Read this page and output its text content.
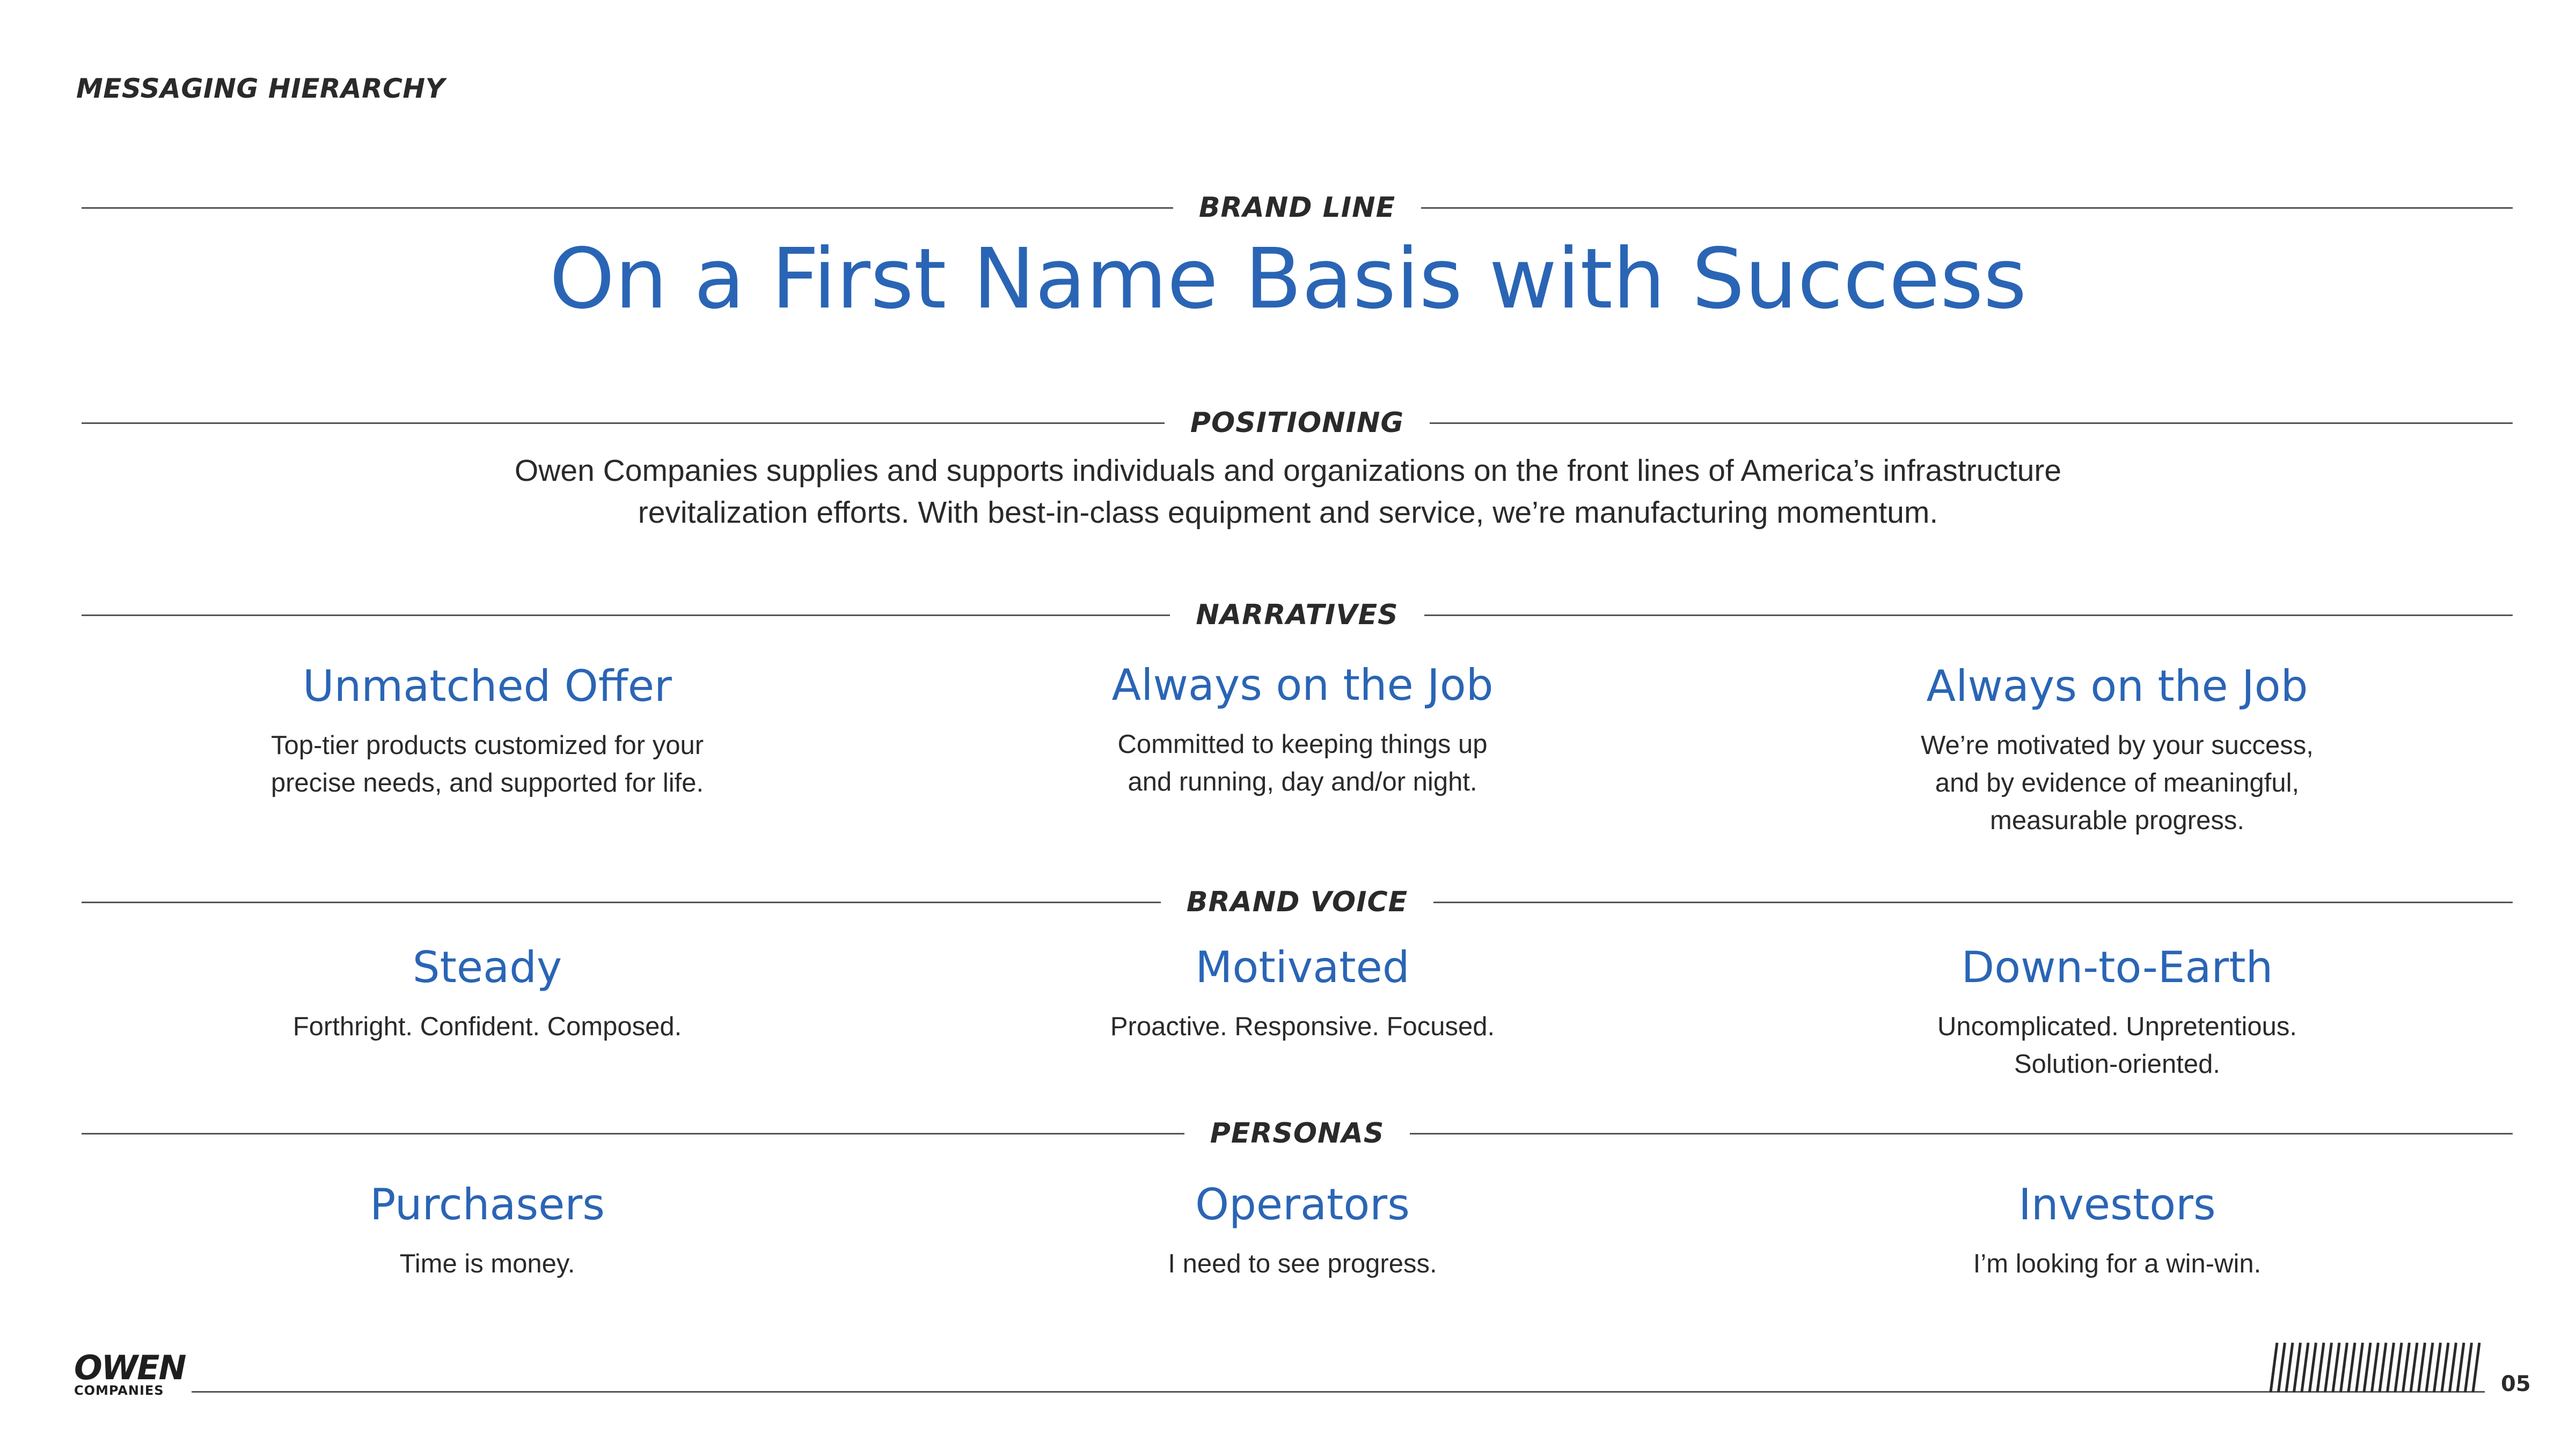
MESSAGING HIERARCHY
BRAND LINE
On a First Name Basis with Success
POSITIONING
Owen Companies supplies and supports individuals and organizations on the front lines of America’s infrastructure
revitalization efforts. With best-in-class equipment and service, we’re manufacturing momentum.
NARRATIVES
Unmatched Offer
Top-tier products customized for your
precise needs, and supported for life.
Always on the Job
Committed to keeping things up
and running, day and/or night.
Always on the Job
We’re motivated by your success,
and by evidence of meaningful,
measurable progress.
BRAND VOICE
Steady
Forthright. Confident. Composed.
Motivated
Proactive. Responsive. Focused.
Down-to-Earth
Uncomplicated. Unpretentious.
Solution-oriented.
PERSONAS
Purchasers
Time is money.
Operators
I need to see progress.
Investors
I’m looking for a win-win.
OWEN
COMPANIES	05
